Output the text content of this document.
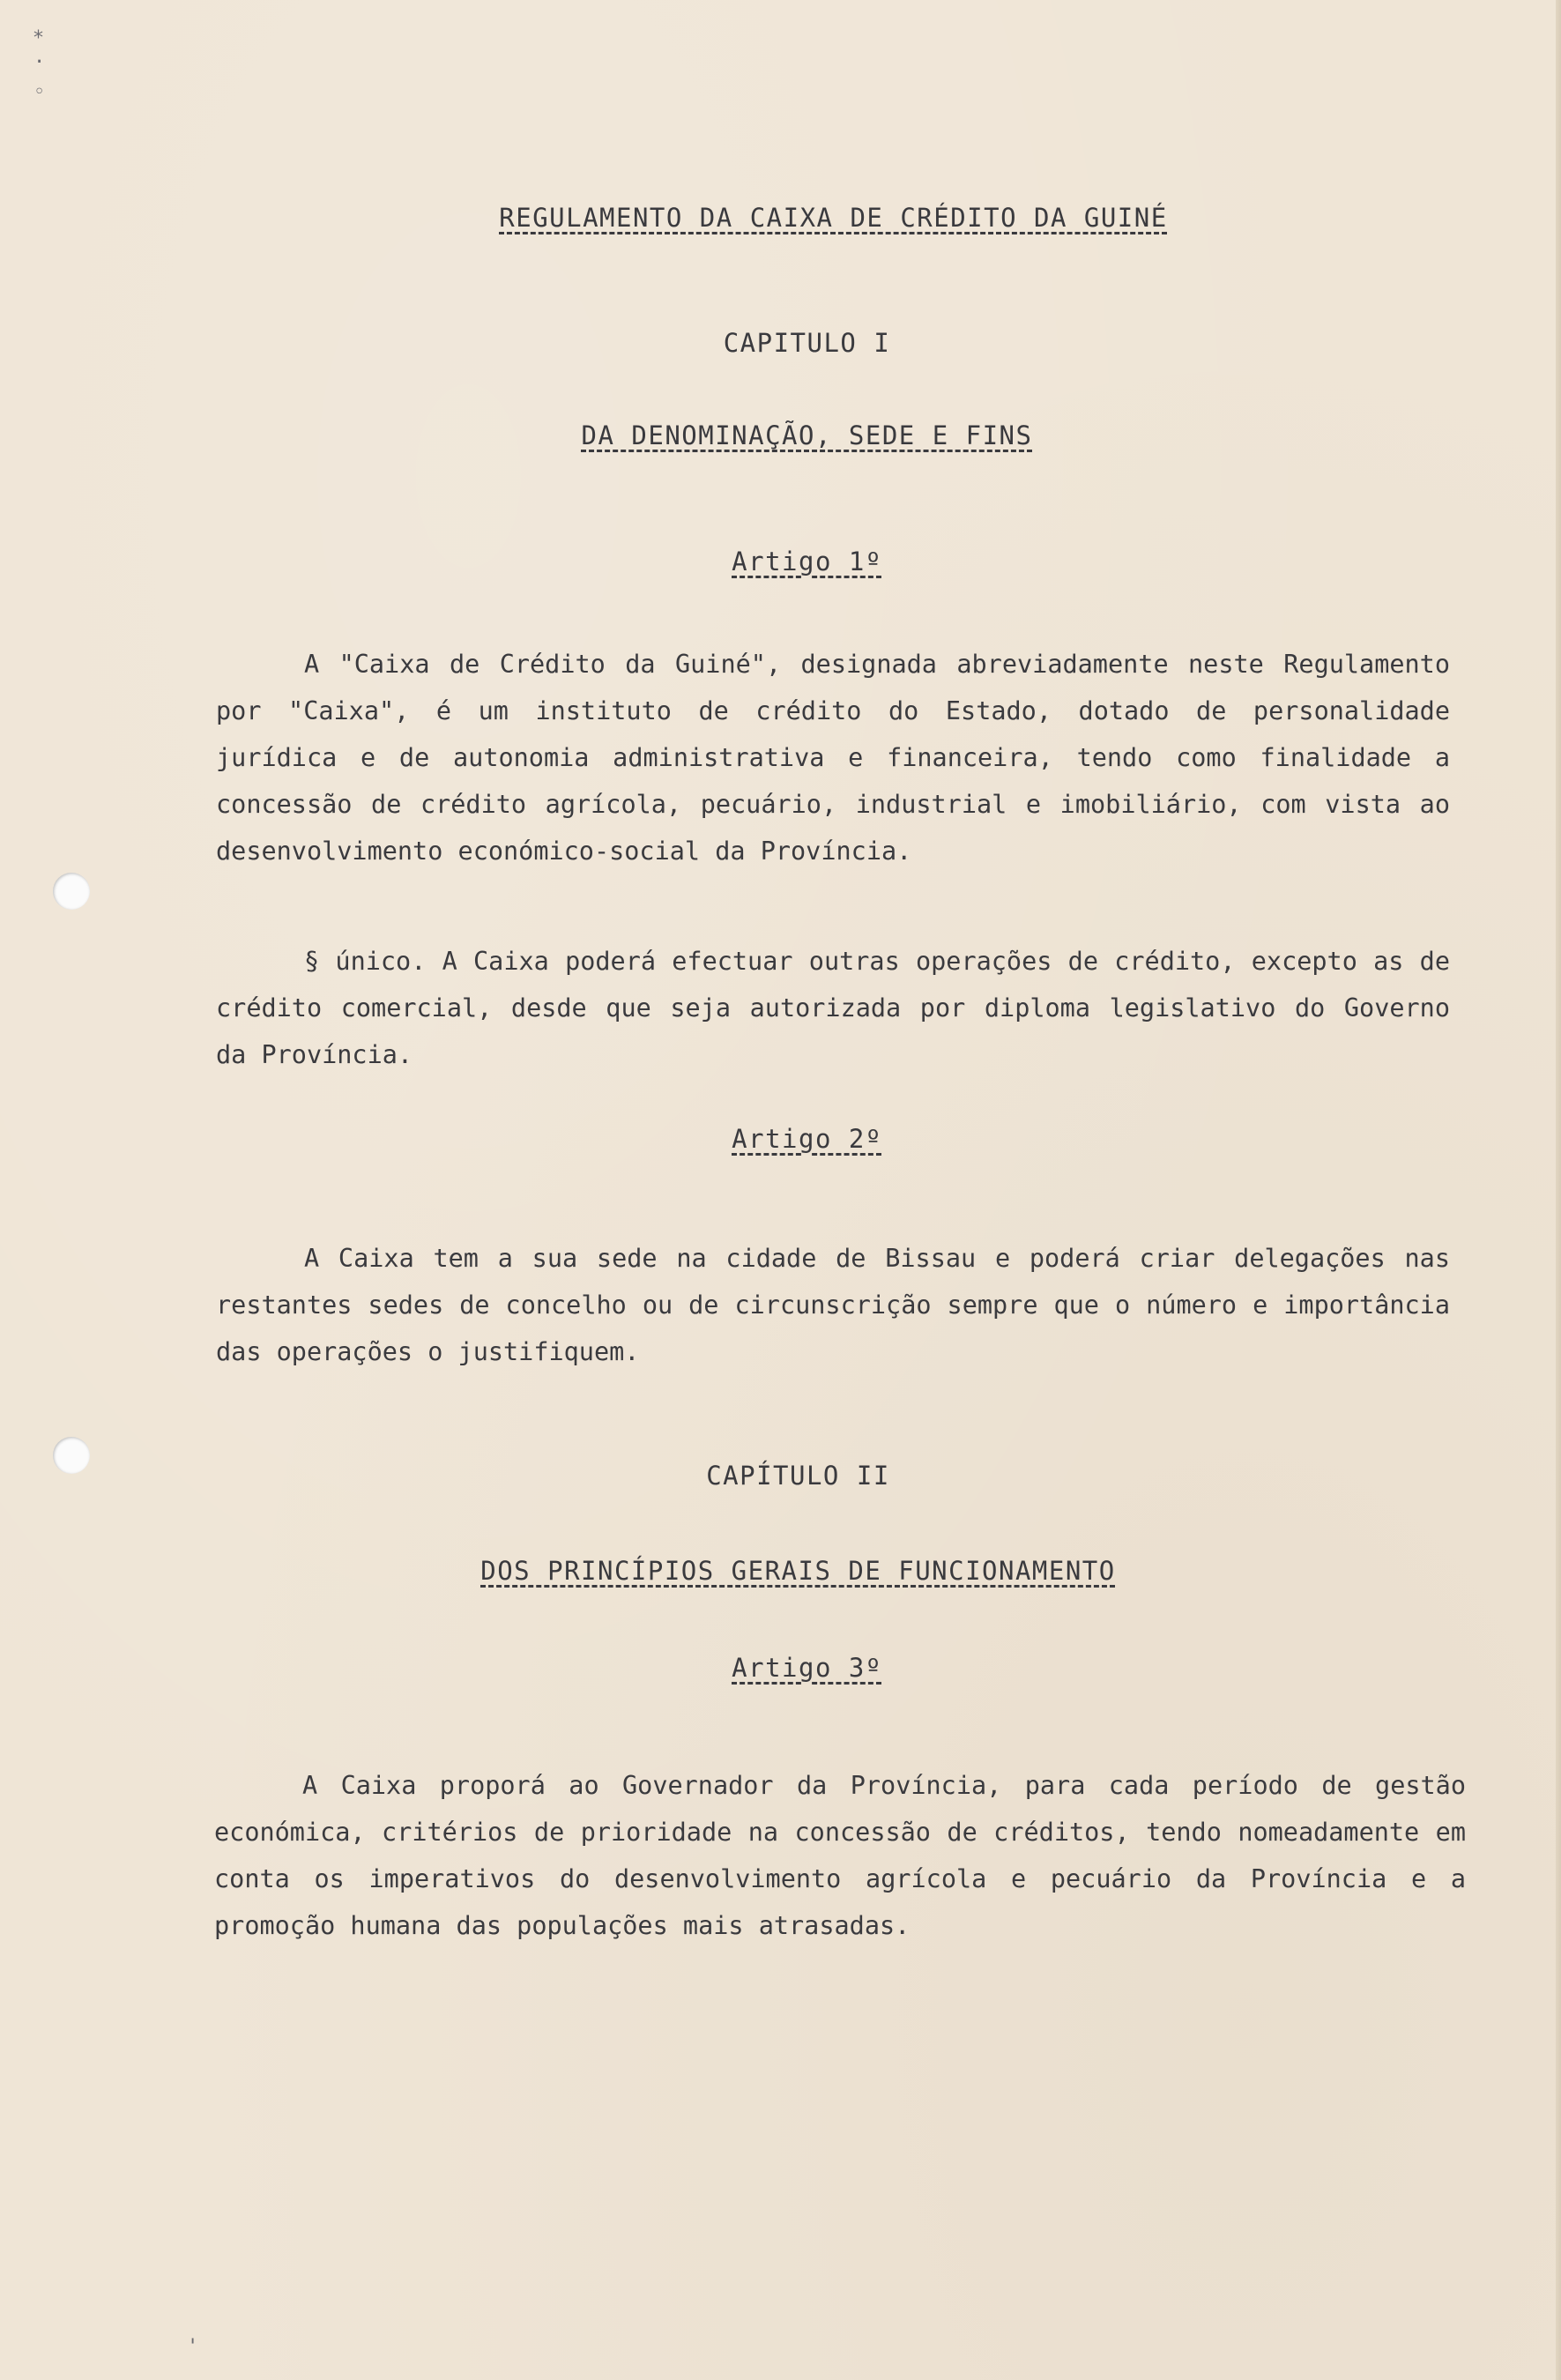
⁎
·
◦
'
REGULAMENTO DA CAIXA DE CRÉDITO DA GUINÉ
CAPITULO I
DA DENOMINAÇÃO, SEDE E FINS
Artigo 1º

A "Caixa de Crédito da Guiné", designada abreviadamente neste Regulamento por "Caixa", é um instituto de crédito do Estado, dotado de personalidade jurídica e de autonomia administrativa e financeira, tendo como finalidade a concessão de crédito agrícola, pecuário, industrial e imobiliário, com vista ao desenvolvimento económico-social da Província.

§ único. A Caixa poderá efectuar outras operações de crédito, excepto as de crédito comercial, desde que seja autorizada por diploma legislativo do Governo da Província.

Artigo 2º

A Caixa tem a sua sede na cidade de Bissau e poderá criar delegações nas restantes sedes de concelho ou de circunscrição sempre que o número e importância das operações o justifiquem.

CAPÍTULO II
DOS PRINCÍPIOS GERAIS DE FUNCIONAMENTO
Artigo 3º

A Caixa proporá ao Governador da Província, para cada período de gestão económica, critérios de prioridade na concessão de créditos, tendo nomeadamente em conta os imperativos do desenvolvimento agrícola e pecuário da Província e a promoção humana das populações mais atrasadas.
